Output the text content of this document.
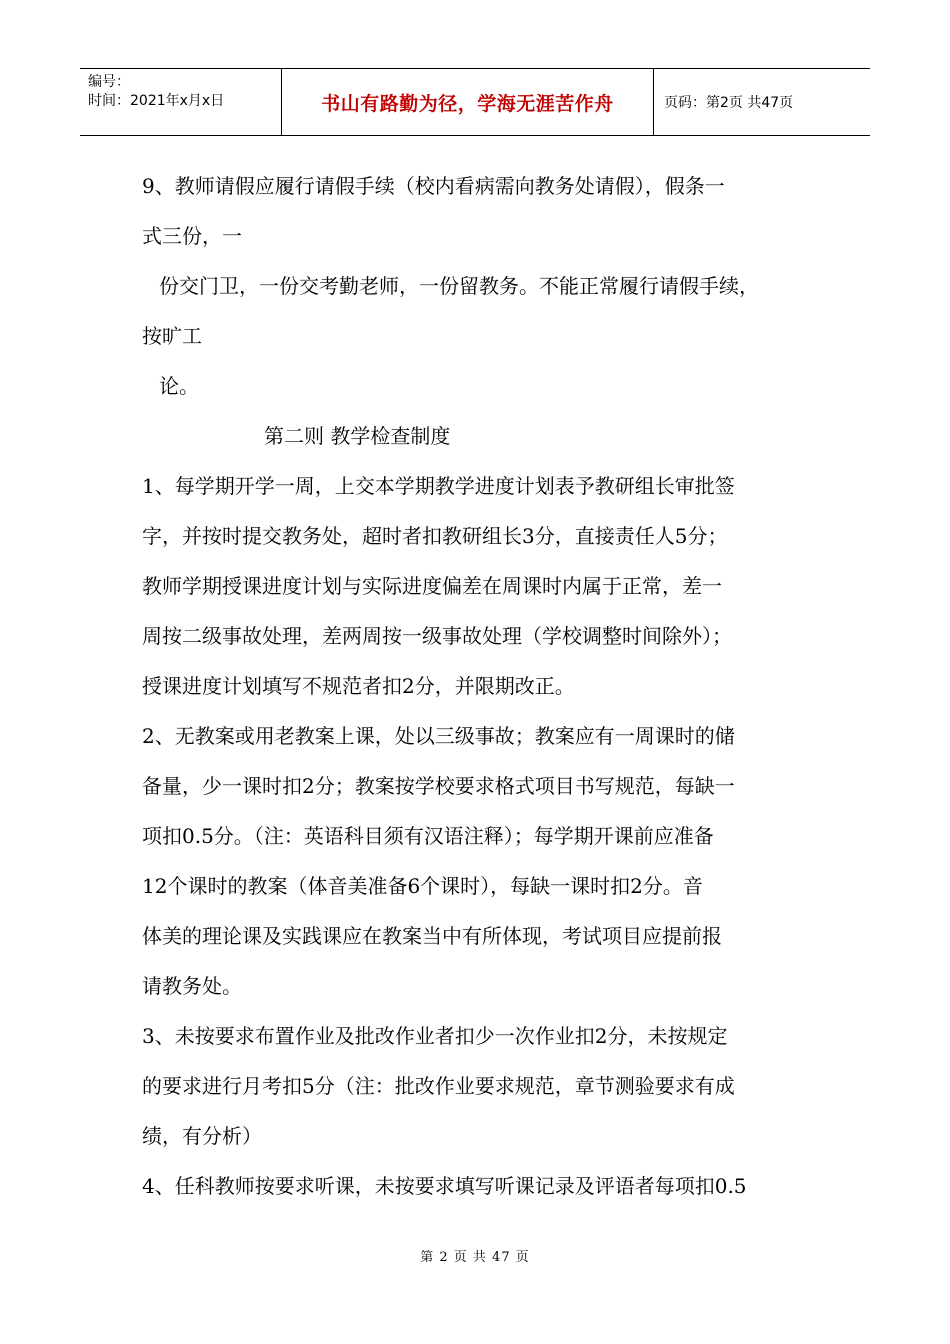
编号：
时间：2021年x月x日	书山有路勤为径，学海无涯苦作舟	页码：第2页 共47页
9、教师请假应履行请假手续（校内看病需向教务处请假），假条一
式三份，一
份交门卫，一份交考勤老师，一份留教务。不能正常履行请假手续，
按旷工
论。
第二则 教学检查制度
1、每学期开学一周，上交本学期教学进度计划表予教研组长审批签
字，并按时提交教务处，超时者扣教研组长3分，直接责任人5分；
教师学期授课进度计划与实际进度偏差在周课时内属于正常，差一
周按二级事故处理，差两周按一级事故处理（学校调整时间除外）；
授课进度计划填写不规范者扣2分，并限期改正。
2、无教案或用老教案上课，处以三级事故；教案应有一周课时的储
备量，少一课时扣2分；教案按学校要求格式项目书写规范，每缺一
项扣0.5分。（注：英语科目须有汉语注释）；每学期开课前应准备
12个课时的教案（体音美准备6个课时），每缺一课时扣2分。音
体美的理论课及实践课应在教案当中有所体现，考试项目应提前报
请教务处。
3、未按要求布置作业及批改作业者扣少一次作业扣2分，未按规定
的要求进行月考扣5分（注：批改作业要求规范，章节测验要求有成
绩，有分析）
4、任科教师按要求听课，未按要求填写听课记录及评语者每项扣0.5
第 2 页 共 47 页
